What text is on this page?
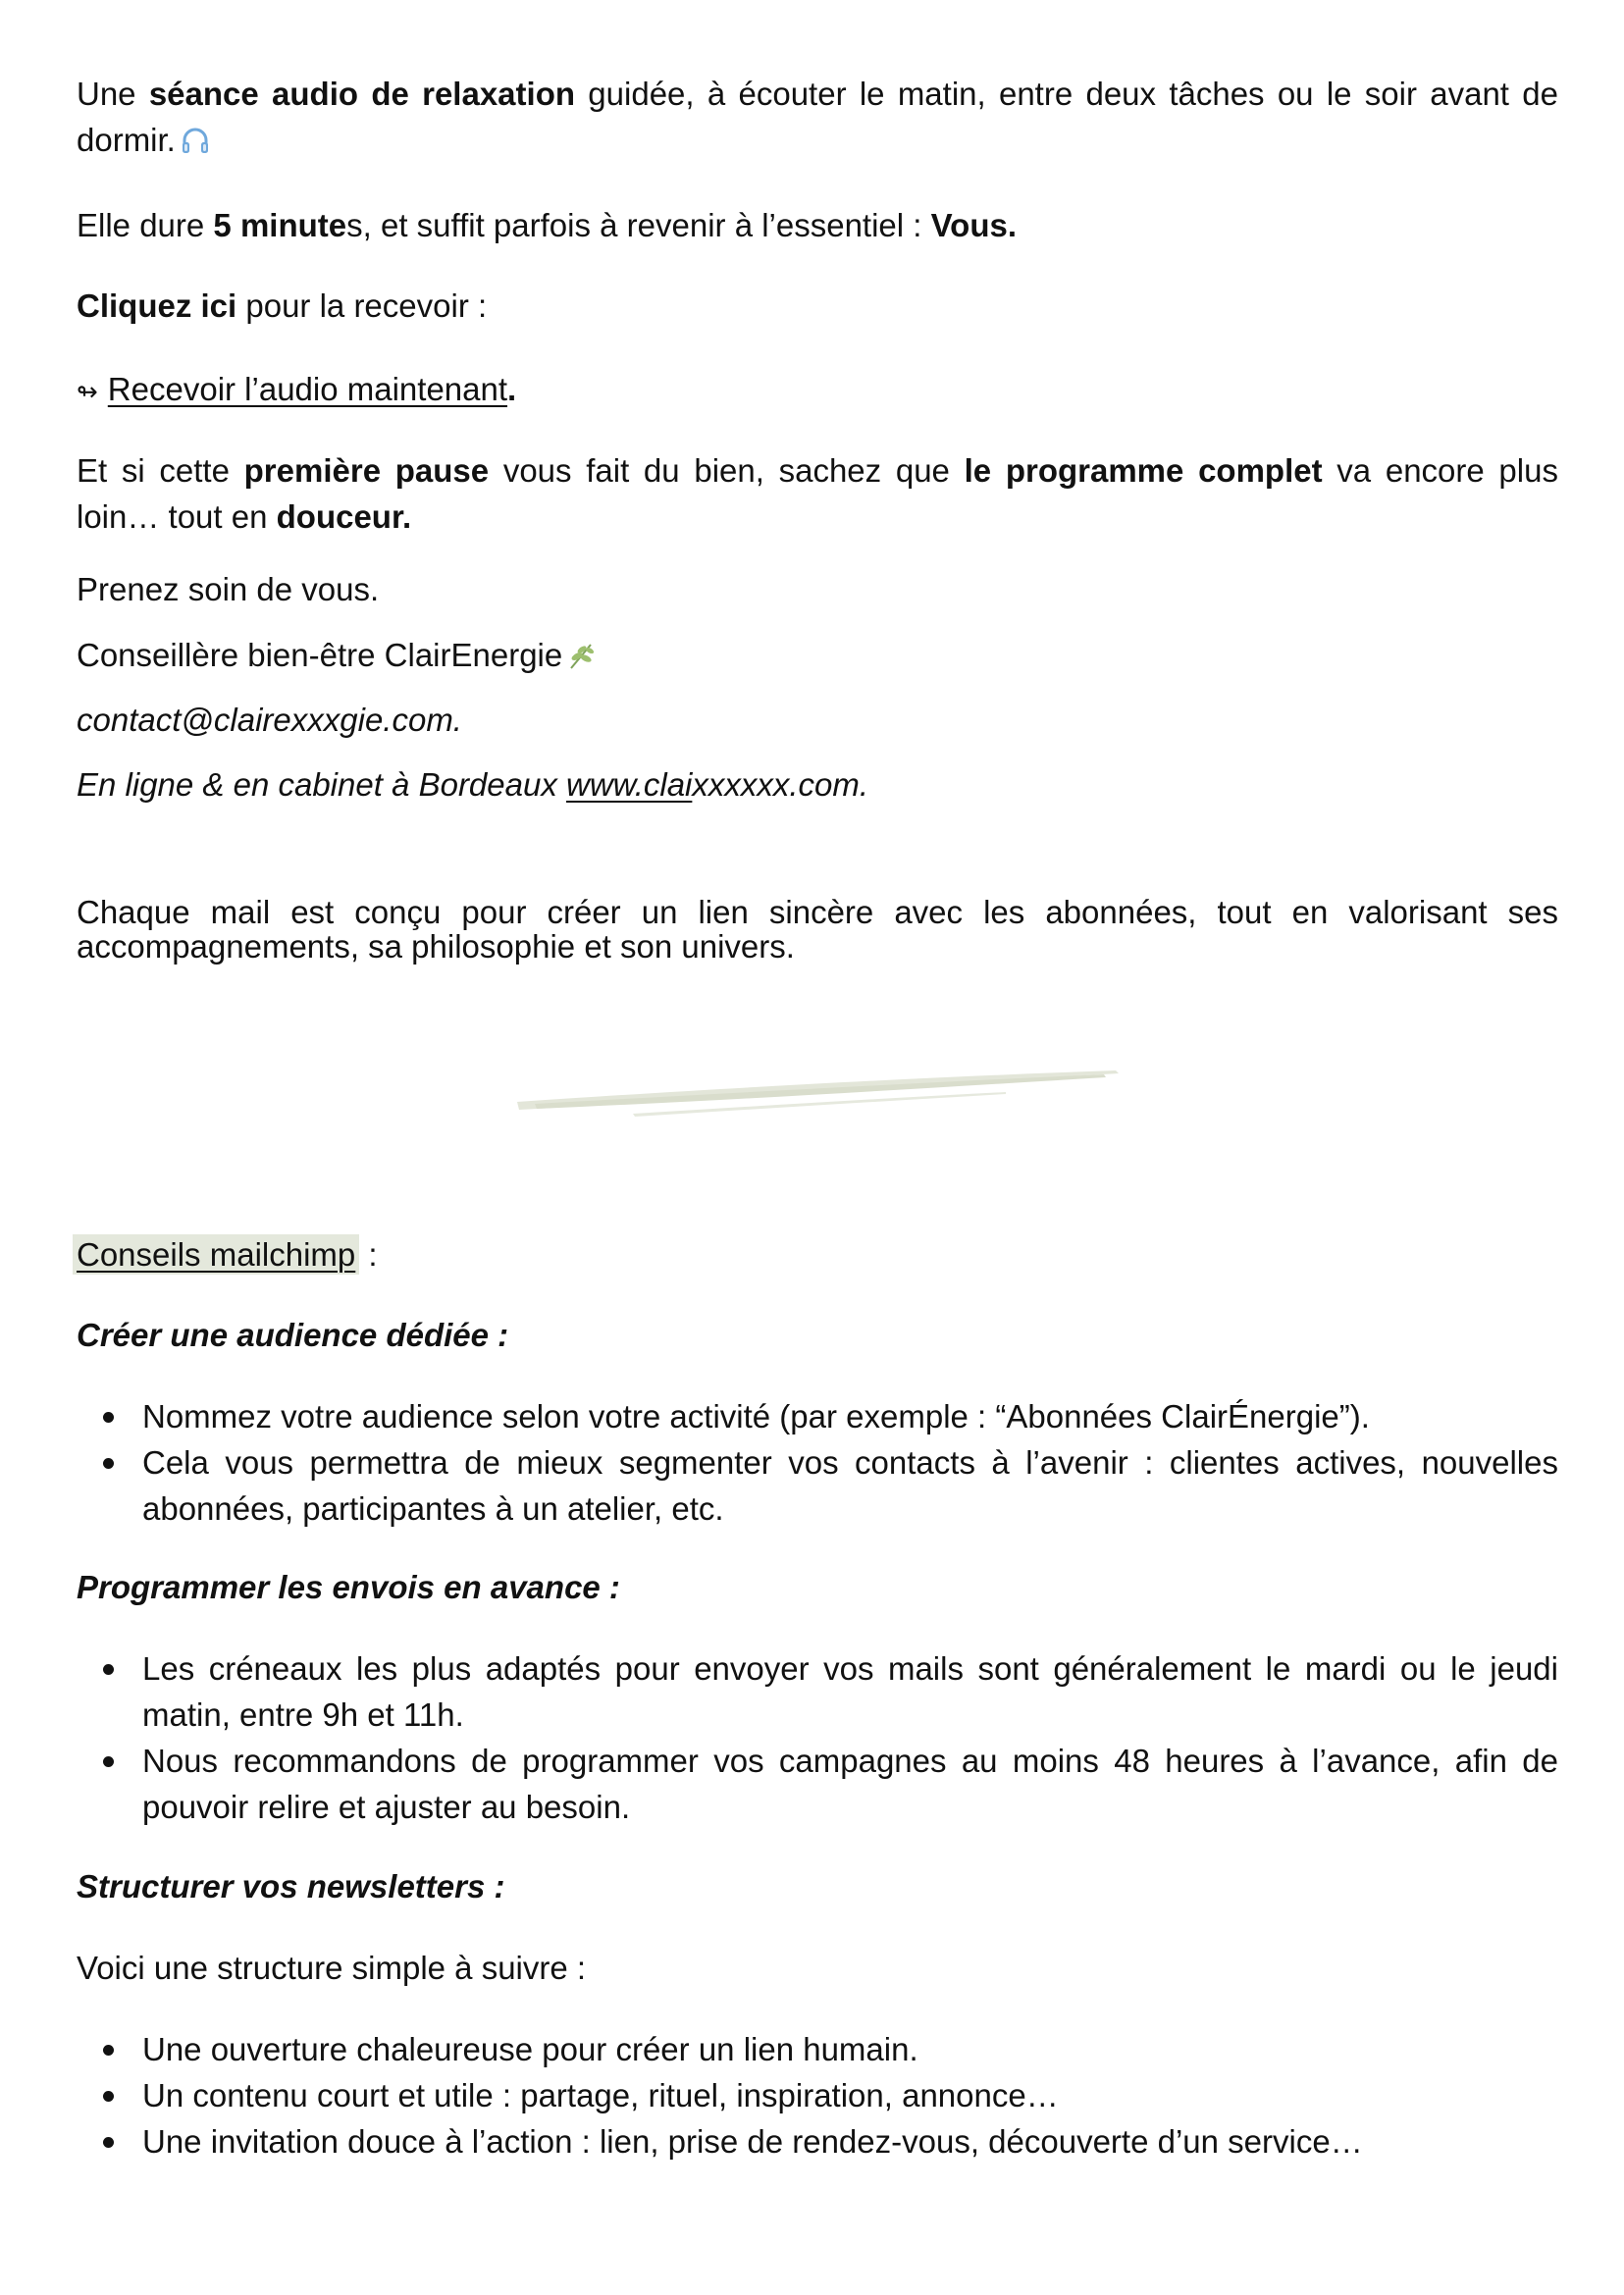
Une séance audio de relaxation guidée, à écouter le matin, entre deux tâches ou le soir avant de dormir.

Elle dure 5 minutes, et suffit parfois à revenir à l’essentiel : Vous.

Cliquez ici pour la recevoir :

↬ Recevoir l’audio maintenant.

Et si cette première pause vous fait du bien, sachez que le programme complet va encore plus loin… tout en douceur.

Prenez soin de vous.

Conseillère bien-être ClairEnergie

contact@clairexxxgie.com.

En ligne & en cabinet à Bordeaux www.claixxxxxx.com.

Chaque mail est conçu pour créer un lien sincère avec les abonnées, tout en valorisant ses accompagnements, sa philosophie et son univers.

Conseils mailchimp :

Créer une audience dédiée :

Nommez votre audience selon votre activité (par exemple : “Abonnées ClairÉnergie”).
Cela vous permettra de mieux segmenter vos contacts à l’avenir : clientes actives, nouvelles abonnées, participantes à un atelier, etc.

Programmer les envois en avance :

Les créneaux les plus adaptés pour envoyer vos mails sont généralement le mardi ou le jeudi matin, entre 9h et 11h.
Nous recommandons de programmer vos campagnes au moins 48 heures à l’avance, afin de pouvoir relire et ajuster au besoin.

Structurer vos newsletters :

Voici une structure simple à suivre :

Une ouverture chaleureuse pour créer un lien humain.
Un contenu court et utile : partage, rituel, inspiration, annonce…
Une invitation douce à l’action : lien, prise de rendez-vous, découverte d’un service…
